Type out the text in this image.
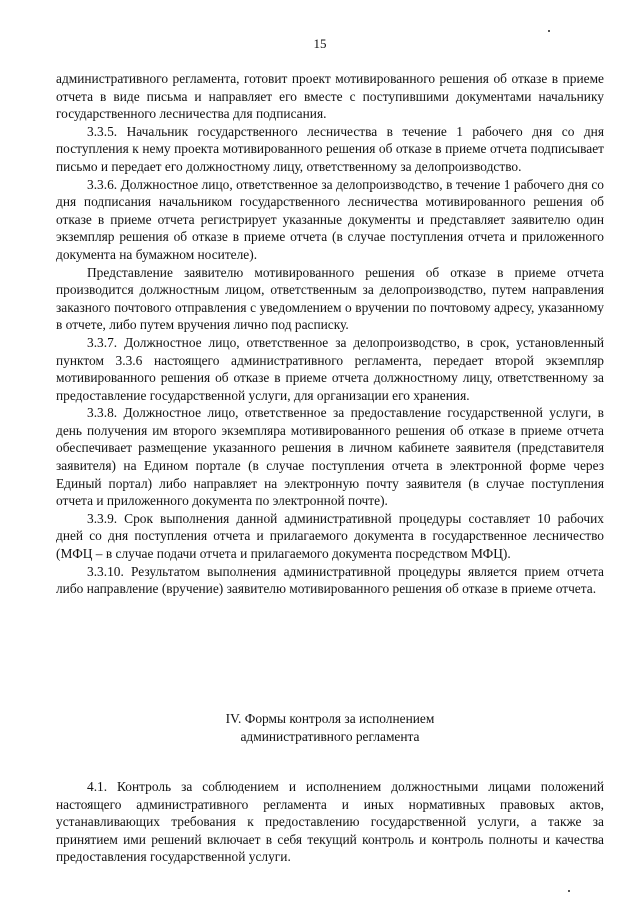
15

административного регламента, готовит проект мотивированного решения об отказе в приеме отчета в виде письма и направляет его вместе с поступившими документами начальнику государственного лесничества для подписания.

3.3.5. Начальник государственного лесничества в течение 1 рабочего дня со дня поступления к нему проекта мотивированного решения об отказе в приеме отчета подписывает письмо и передает его должностному лицу, ответственному за делопроизводство.

3.3.6. Должностное лицо, ответственное за делопроизводство, в течение 1 рабочего дня со дня подписания начальником государственного лесничества мотивированного решения об отказе в приеме отчета регистрирует указанные документы и представляет заявителю один экземпляр решения об отказе в приеме отчета (в случае поступления отчета и приложенного документа на бумажном носителе).

Представление заявителю мотивированного решения об отказе в приеме отчета производится должностным лицом, ответственным за делопроизводство, путем направления заказного почтового отправления с уведомлением о вручении по почтовому адресу, указанному в отчете, либо путем вручения лично под расписку.

3.3.7. Должностное лицо, ответственное за делопроизводство, в срок, установленный пунктом 3.3.6 настоящего административного регламента, передает второй экземпляр мотивированного решения об отказе в приеме отчета должностному лицу, ответственному за предоставление государственной услуги, для организации его хранения.

3.3.8. Должностное лицо, ответственное за предоставление государственной услуги, в день получения им второго экземпляра мотивированного решения об отказе в приеме отчета обеспечивает размещение указанного решения в личном кабинете заявителя (представителя заявителя) на Едином портале (в случае поступления отчета в электронной форме через Единый портал) либо направляет на электронную почту заявителя (в случае поступления отчета и приложенного документа по электронной почте).

3.3.9. Срок выполнения данной административной процедуры составляет 10 рабочих дней со дня поступления отчета и прилагаемого документа в государственное лесничество (МФЦ – в случае подачи отчета и прилагаемого документа посредством МФЦ).

3.3.10. Результатом выполнения административной процедуры является прием отчета либо направление (вручение) заявителю мотивированного решения об отказе в приеме отчета.

IV. Формы контроля за исполнением
административного регламента

4.1. Контроль за соблюдением и исполнением должностными лицами положений настоящего административного регламента и иных нормативных правовых актов, устанавливающих требования к предоставлению государственной услуги, а также за принятием ими решений включает в себя текущий контроль и контроль полноты и качества предоставления государственной услуги.
